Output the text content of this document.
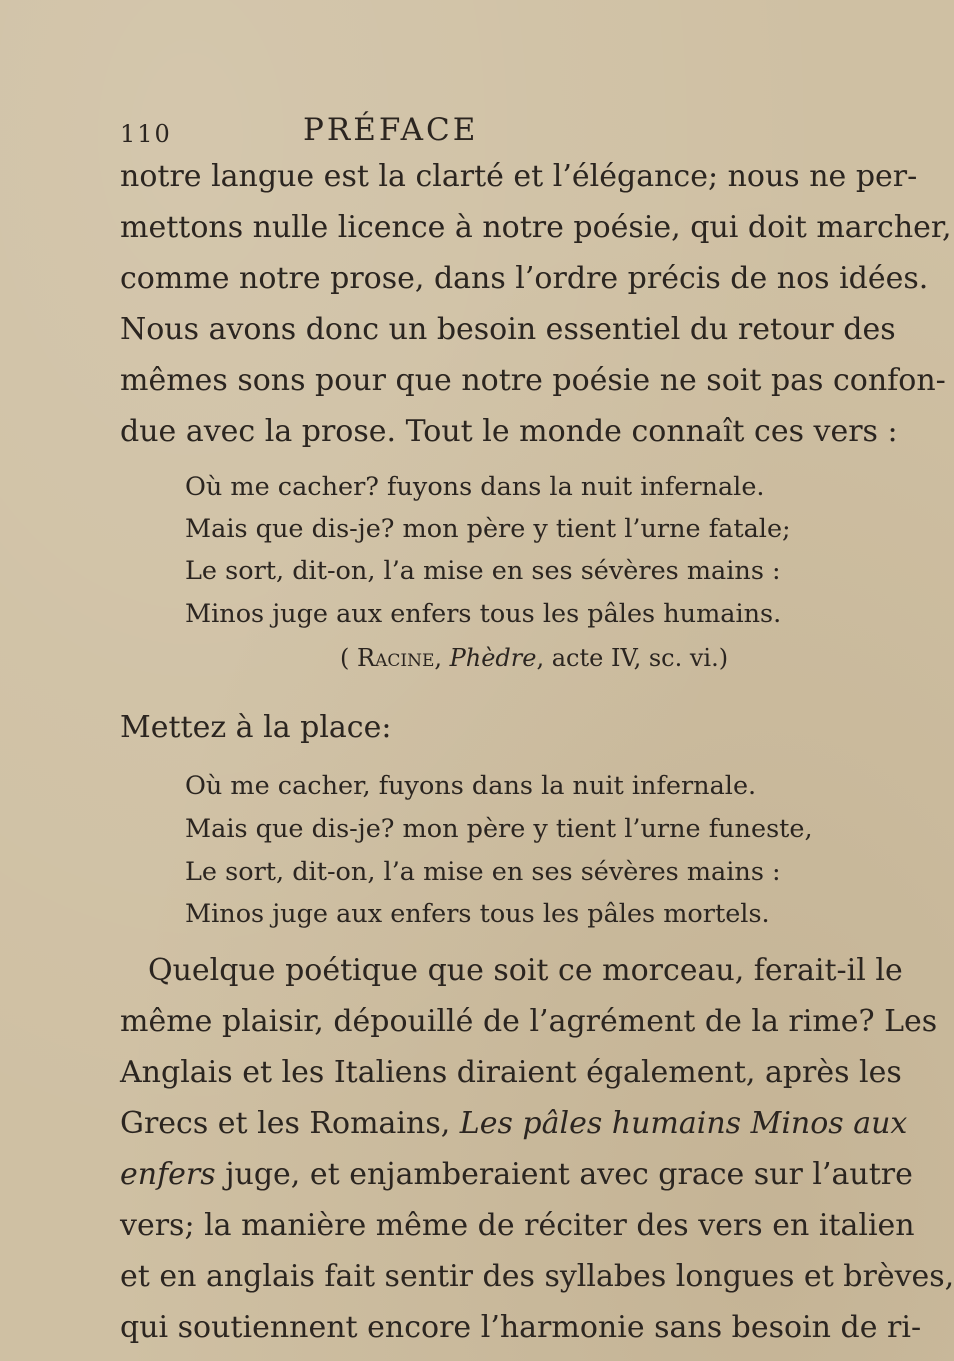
110	PRÉFACE
notre langue est la clarté et l’élégance; nous ne per-
mettons nulle licence à notre poésie, qui doit marcher,
comme notre prose, dans l’ordre précis de nos idées.
Nous avons donc un besoin essentiel du retour des
mêmes sons pour que notre poésie ne soit pas confon-
due avec la prose. Tout le monde connaît ces vers :
Où me cacher? fuyons dans la nuit infernale.
Mais que dis-je? mon père y tient l’urne fatale;
Le sort, dit-on, l’a mise en ses sévères mains :
Minos juge aux enfers tous les pâles humains.
( Racine, Phèdre, acte IV, sc. vi.)
Mettez à la place:
Où me cacher, fuyons dans la nuit infernale.
Mais que dis-je? mon père y tient l’urne funeste,
Le sort, dit-on, l’a mise en ses sévères mains :
Minos juge aux enfers tous les pâles mortels.
Quelque poétique que soit ce morceau, ferait-il le
même plaisir, dépouillé de l’agrément de la rime? Les
Anglais et les Italiens diraient également, après les
Grecs et les Romains, Les pâles humains Minos aux
enfers juge, et enjamberaient avec grace sur l’autre
vers; la manière même de réciter des vers en italien
et en anglais fait sentir des syllabes longues et brèves,
qui soutiennent encore l’harmonie sans besoin de ri-
